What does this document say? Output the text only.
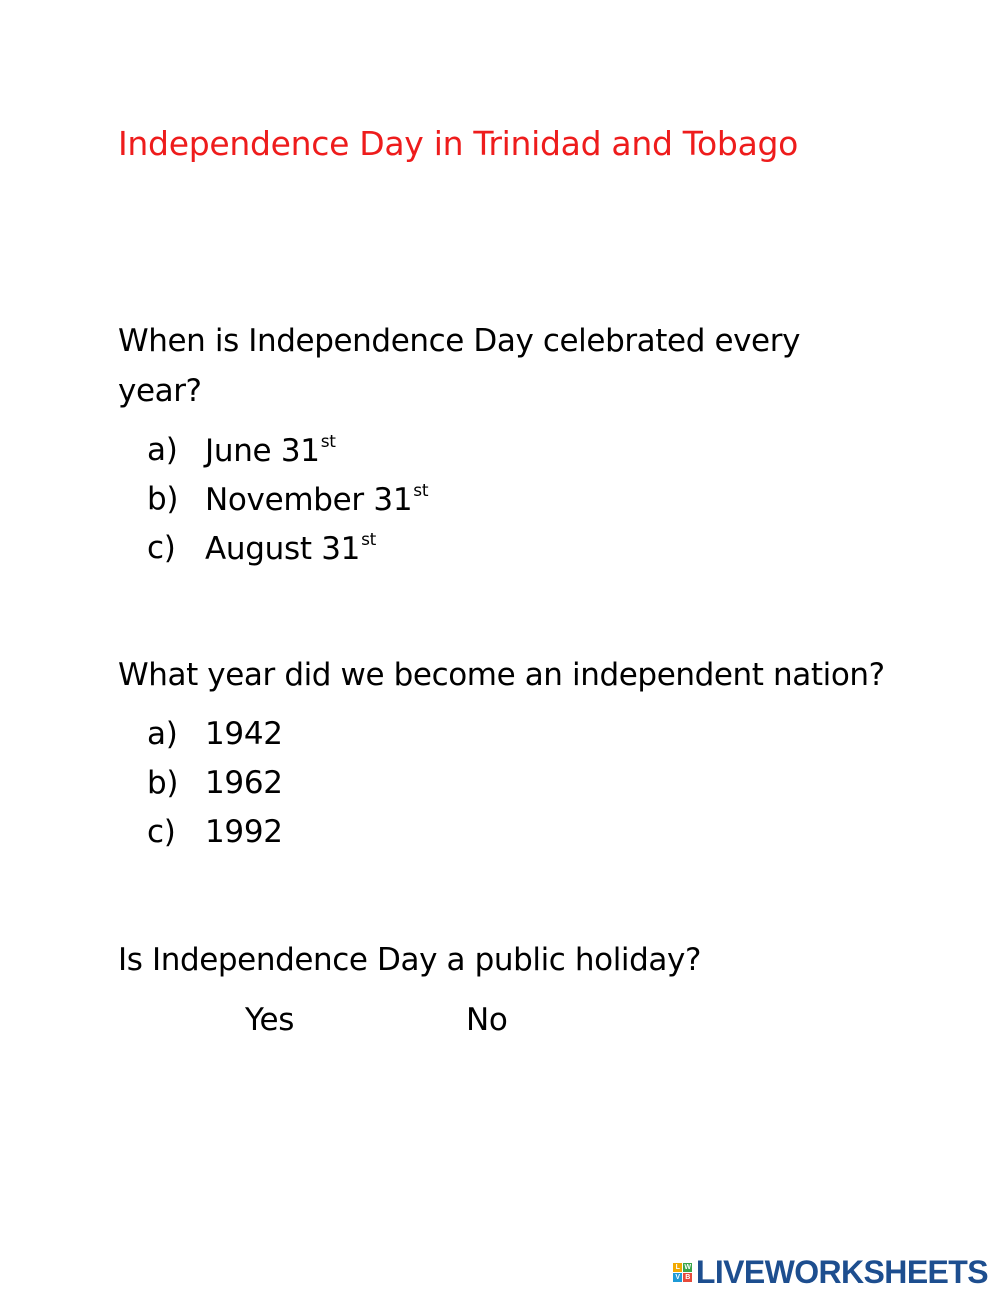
Independence Day in Trinidad and Tobago
When is Independence Day celebrated every
year?
a) June 31st
b) November 31st
c) August 31st
What year did we become an independent nation?
a) 1942
b) 1962
c) 1992
Is Independence Day a public holiday?
Yes	No
L W
V B LIVEWORKSHEETS
